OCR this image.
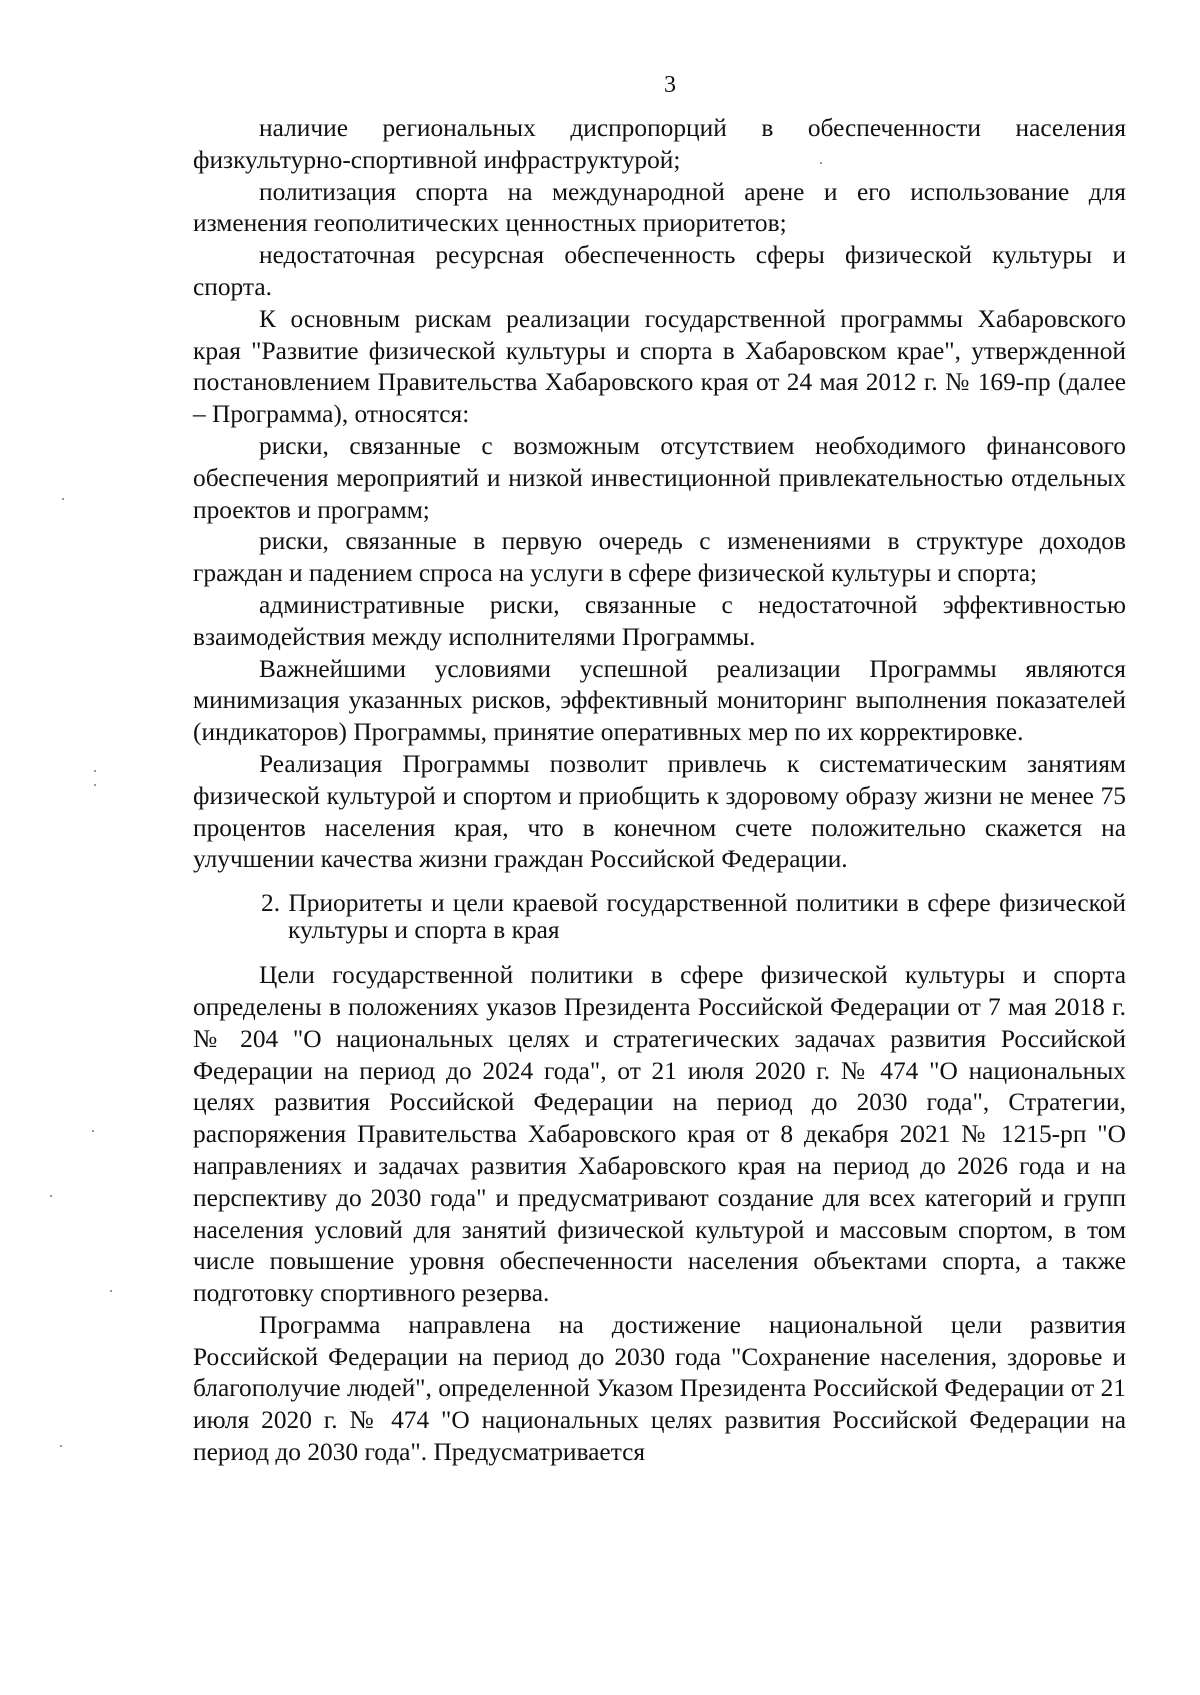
3

наличие региональных диспропорций в обеспеченности населения физкультурно-спортивной инфраструктурой;

политизация спорта на международной арене и его использование для изменения геополитических ценностных приоритетов;

недостаточная ресурсная обеспеченность сферы физической культуры и спорта.

К основным рискам реализации государственной программы Хабаровского края "Развитие физической культуры и спорта в Хабаровском крае", утвержденной постановлением Правительства Хабаровского края от 24 мая 2012 г. № 169-пр (далее – Программа), относятся:

риски, связанные с возможным отсутствием необходимого финансового обеспечения мероприятий и низкой инвестиционной привлекательностью отдельных проектов и программ;

риски, связанные в первую очередь с изменениями в структуре доходов граждан и падением спроса на услуги в сфере физической культуры и спорта;

административные риски, связанные с недостаточной эффективностью взаимодействия между исполнителями Программы.

Важнейшими условиями успешной реализации Программы являются минимизация указанных рисков, эффективный мониторинг выполнения показателей (индикаторов) Программы, принятие оперативных мер по их корректировке.

Реализация Программы позволит привлечь к систематическим занятиям физической культурой и спортом и приобщить к здоровому образу жизни не менее 75 процентов населения края, что в конечном счете положительно скажется на улучшении качества жизни граждан Российской Федерации.

2. Приоритеты и цели краевой государственной политики в сфере физической культуры и спорта в края

Цели государственной политики в сфере физической культуры и спорта определены в положениях указов Президента Российской Федерации от 7 мая 2018 г. № 204 "О национальных целях и стратегических задачах развития Российской Федерации на период до 2024 года", от 21 июля 2020 г. № 474 "О национальных целях развития Российской Федерации на период до 2030 года", Стратегии, распоряжения Правительства Хабаровского края от 8 декабря 2021 № 1215-рп "О направлениях и задачах развития Хабаровского края на период до 2026 года и на перспективу до 2030 года" и предусматривают создание для всех категорий и групп населения условий для занятий физической культурой и массовым спортом, в том числе повышение уровня обеспеченности населения объектами спорта, а также подготовку спортивного резерва.

Программа направлена на достижение национальной цели развития Российской Федерации на период до 2030 года "Сохранение населения, здоровье и благополучие людей", определенной Указом Президента Российской Федерации от 21 июля 2020 г. № 474 "О национальных целях развития Российской Федерации на период до 2030 года". Предусматривается
